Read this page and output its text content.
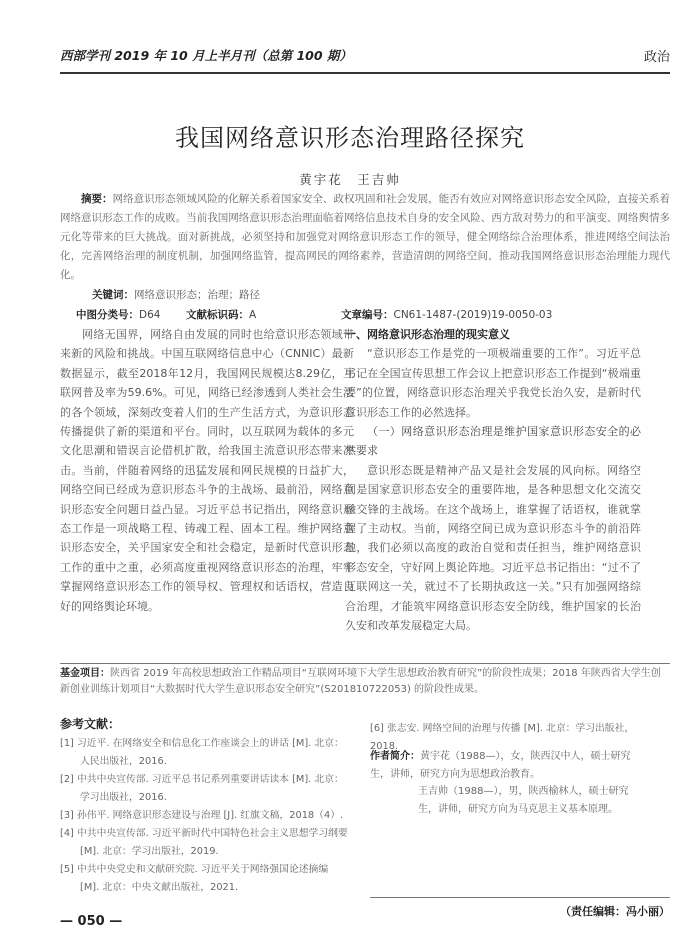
西部学刊 2019 年 10 月上半月刊（总第 100 期）	政治
我国网络意识形态治理路径探究
黄宇花　王吉帅
摘要：网络意识形态领域风险的化解关系着国家安全、政权巩固和社会发展，能否有效应对网络意识形态安全风险，直接关系着网络意识形态工作的成败。当前我国网络意识形态治理面临着网络信息技术自身的安全风险、西方敌对势力的和平演变、网络舆情多元化等带来的巨大挑战。面对新挑战，必须坚持和加强党对网络意识形态工作的领导，健全网络综合治理体系，推进网络空间法治化，完善网络治理的制度机制，加强网络监管，提高网民的网络素养，营造清朗的网络空间，推动我国网络意识形态治理能力现代化。
关键词：网络意识形态；治理；路径
中图分类号：D64 文献标识码：A	文章编号：CN61-1487-(2019)19-0050-03

网络无国界，网络自由发展的同时也给意识形态领域带来新的风险和挑战。中国互联网络信息中心（CNNIC）最新数据显示，截至2018年12月，我国网民规模达8.29亿，互联网普及率为59.6%。可见，网络已经渗透到人类社会生活的各个领域，深刻改变着人们的生产生活方式，为意识形态传播提供了新的渠道和平台。同时，以互联网为载体的多元文化思潮和错误言论借机扩散，给我国主流意识形态带来冲击。当前，伴随着网络的迅猛发展和网民规模的日益扩大，网络空间已经成为意识形态斗争的主战场、最前沿，网络意识形态安全问题日益凸显。习近平总书记指出，网络意识形态工作是一项战略工程、铸魂工程、固本工程。维护网络意识形态安全，关乎国家安全和社会稳定，是新时代意识形态工作的重中之重，必须高度重视网络意识形态的治理，牢牢掌握网络意识形态工作的领导权、管理权和话语权，营造良好的网络舆论环境。

一、网络意识形态治理的现实意义

“意识形态工作是党的一项极端重要的工作”。习近平总书记在全国宣传思想工作会议上把意识形态工作提到“极端重要”的位置，网络意识形态治理关乎我党长治久安，是新时代意识形态工作的必然选择。

（一）网络意识形态治理是维护国家意识形态安全的必然要求

意识形态既是精神产品又是社会发展的风向标。网络空间是国家意识形态安全的重要阵地，是各种思想文化交流交融交锋的主战场。在这个战场上，谁掌握了话语权，谁就掌握了主动权。当前，网络空间已成为意识形态斗争的前沿阵地，我们必须以高度的政治自觉和责任担当，维护网络意识形态安全，守好网上舆论阵地。习近平总书记指出：“过不了互联网这一关，就过不了长期执政这一关。”只有加强网络综合治理，才能筑牢网络意识形态安全防线，维护国家的长治久安和改革发展稳定大局。

基金项目：陕西省 2019 年高校思想政治工作精品项目“互联网环境下大学生思想政治教育研究”的阶段性成果；2018 年陕西省大学生创新创业训练计划项目“大数据时代大学生意识形态安全研究”(S201810722053) 的阶段性成果。
参考文献：
[1] 习近平. 在网络安全和信息化工作座谈会上的讲话 [M]. 北京：人民出版社，2016.
[2] 中共中央宣传部. 习近平总书记系列重要讲话读本 [M]. 北京：学习出版社，2016.
[3] 孙伟平. 网络意识形态建设与治理 [J]. 红旗文稿，2018（4）.
[4] 中共中央宣传部. 习近平新时代中国特色社会主义思想学习纲要 [M]. 北京：学习出版社，2019.
[5] 中共中央党史和文献研究院. 习近平关于网络强国论述摘编 [M]. 北京：中央文献出版社，2021.
[6] 张志安. 网络空间的治理与传播 [M]. 北京：学习出版社，2018.

作者简介：黄宇花（1988—），女，陕西汉中人，硕士研究生，讲师，研究方向为思想政治教育。

王吉帅（1988—），男，陕西榆林人，硕士研究生，讲师，研究方向为马克思主义基本原理。

（责任编辑：冯小丽）
— 050 —
